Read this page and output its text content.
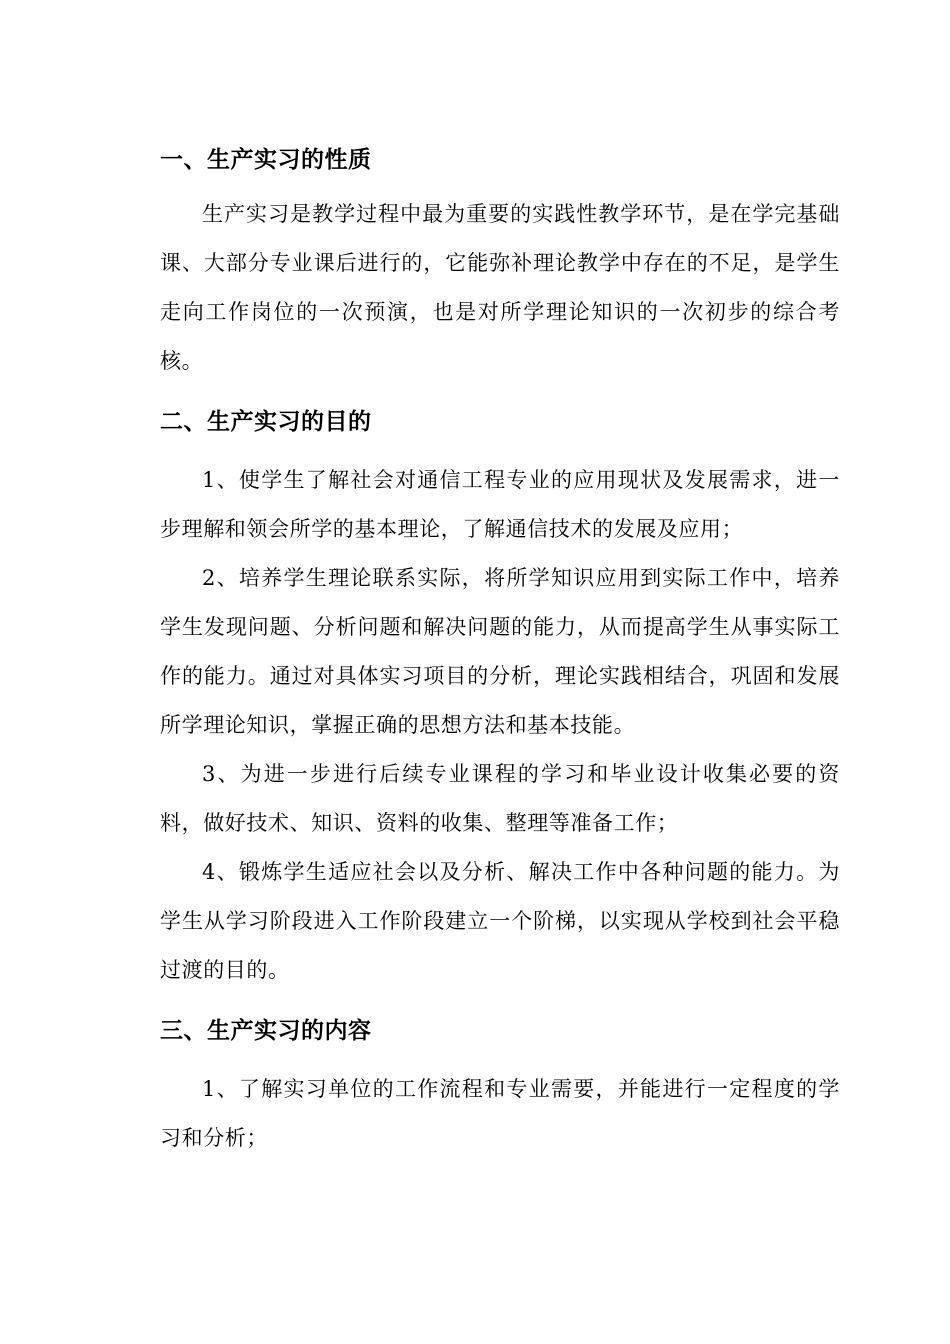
一、生产实习的性质

生产实习是教学过程中最为重要的实践性教学环节，是在学完基础课、大部分专业课后进行的，它能弥补理论教学中存在的不足，是学生走向工作岗位的一次预演，也是对所学理论知识的一次初步的综合考核。

二、生产实习的目的

1、使学生了解社会对通信工程专业的应用现状及发展需求，进一步理解和领会所学的基本理论，了解通信技术的发展及应用；

2、培养学生理论联系实际，将所学知识应用到实际工作中，培养学生发现问题、分析问题和解决问题的能力，从而提高学生从事实际工作的能力。通过对具体实习项目的分析，理论实践相结合，巩固和发展所学理论知识，掌握正确的思想方法和基本技能。

3、为进一步进行后续专业课程的学习和毕业设计收集必要的资料，做好技术、知识、资料的收集、整理等准备工作；

4、锻炼学生适应社会以及分析、解决工作中各种问题的能力。为学生从学习阶段进入工作阶段建立一个阶梯，以实现从学校到社会平稳过渡的目的。

三、生产实习的内容

1、了解实习单位的工作流程和专业需要，并能进行一定程度的学习和分析；
